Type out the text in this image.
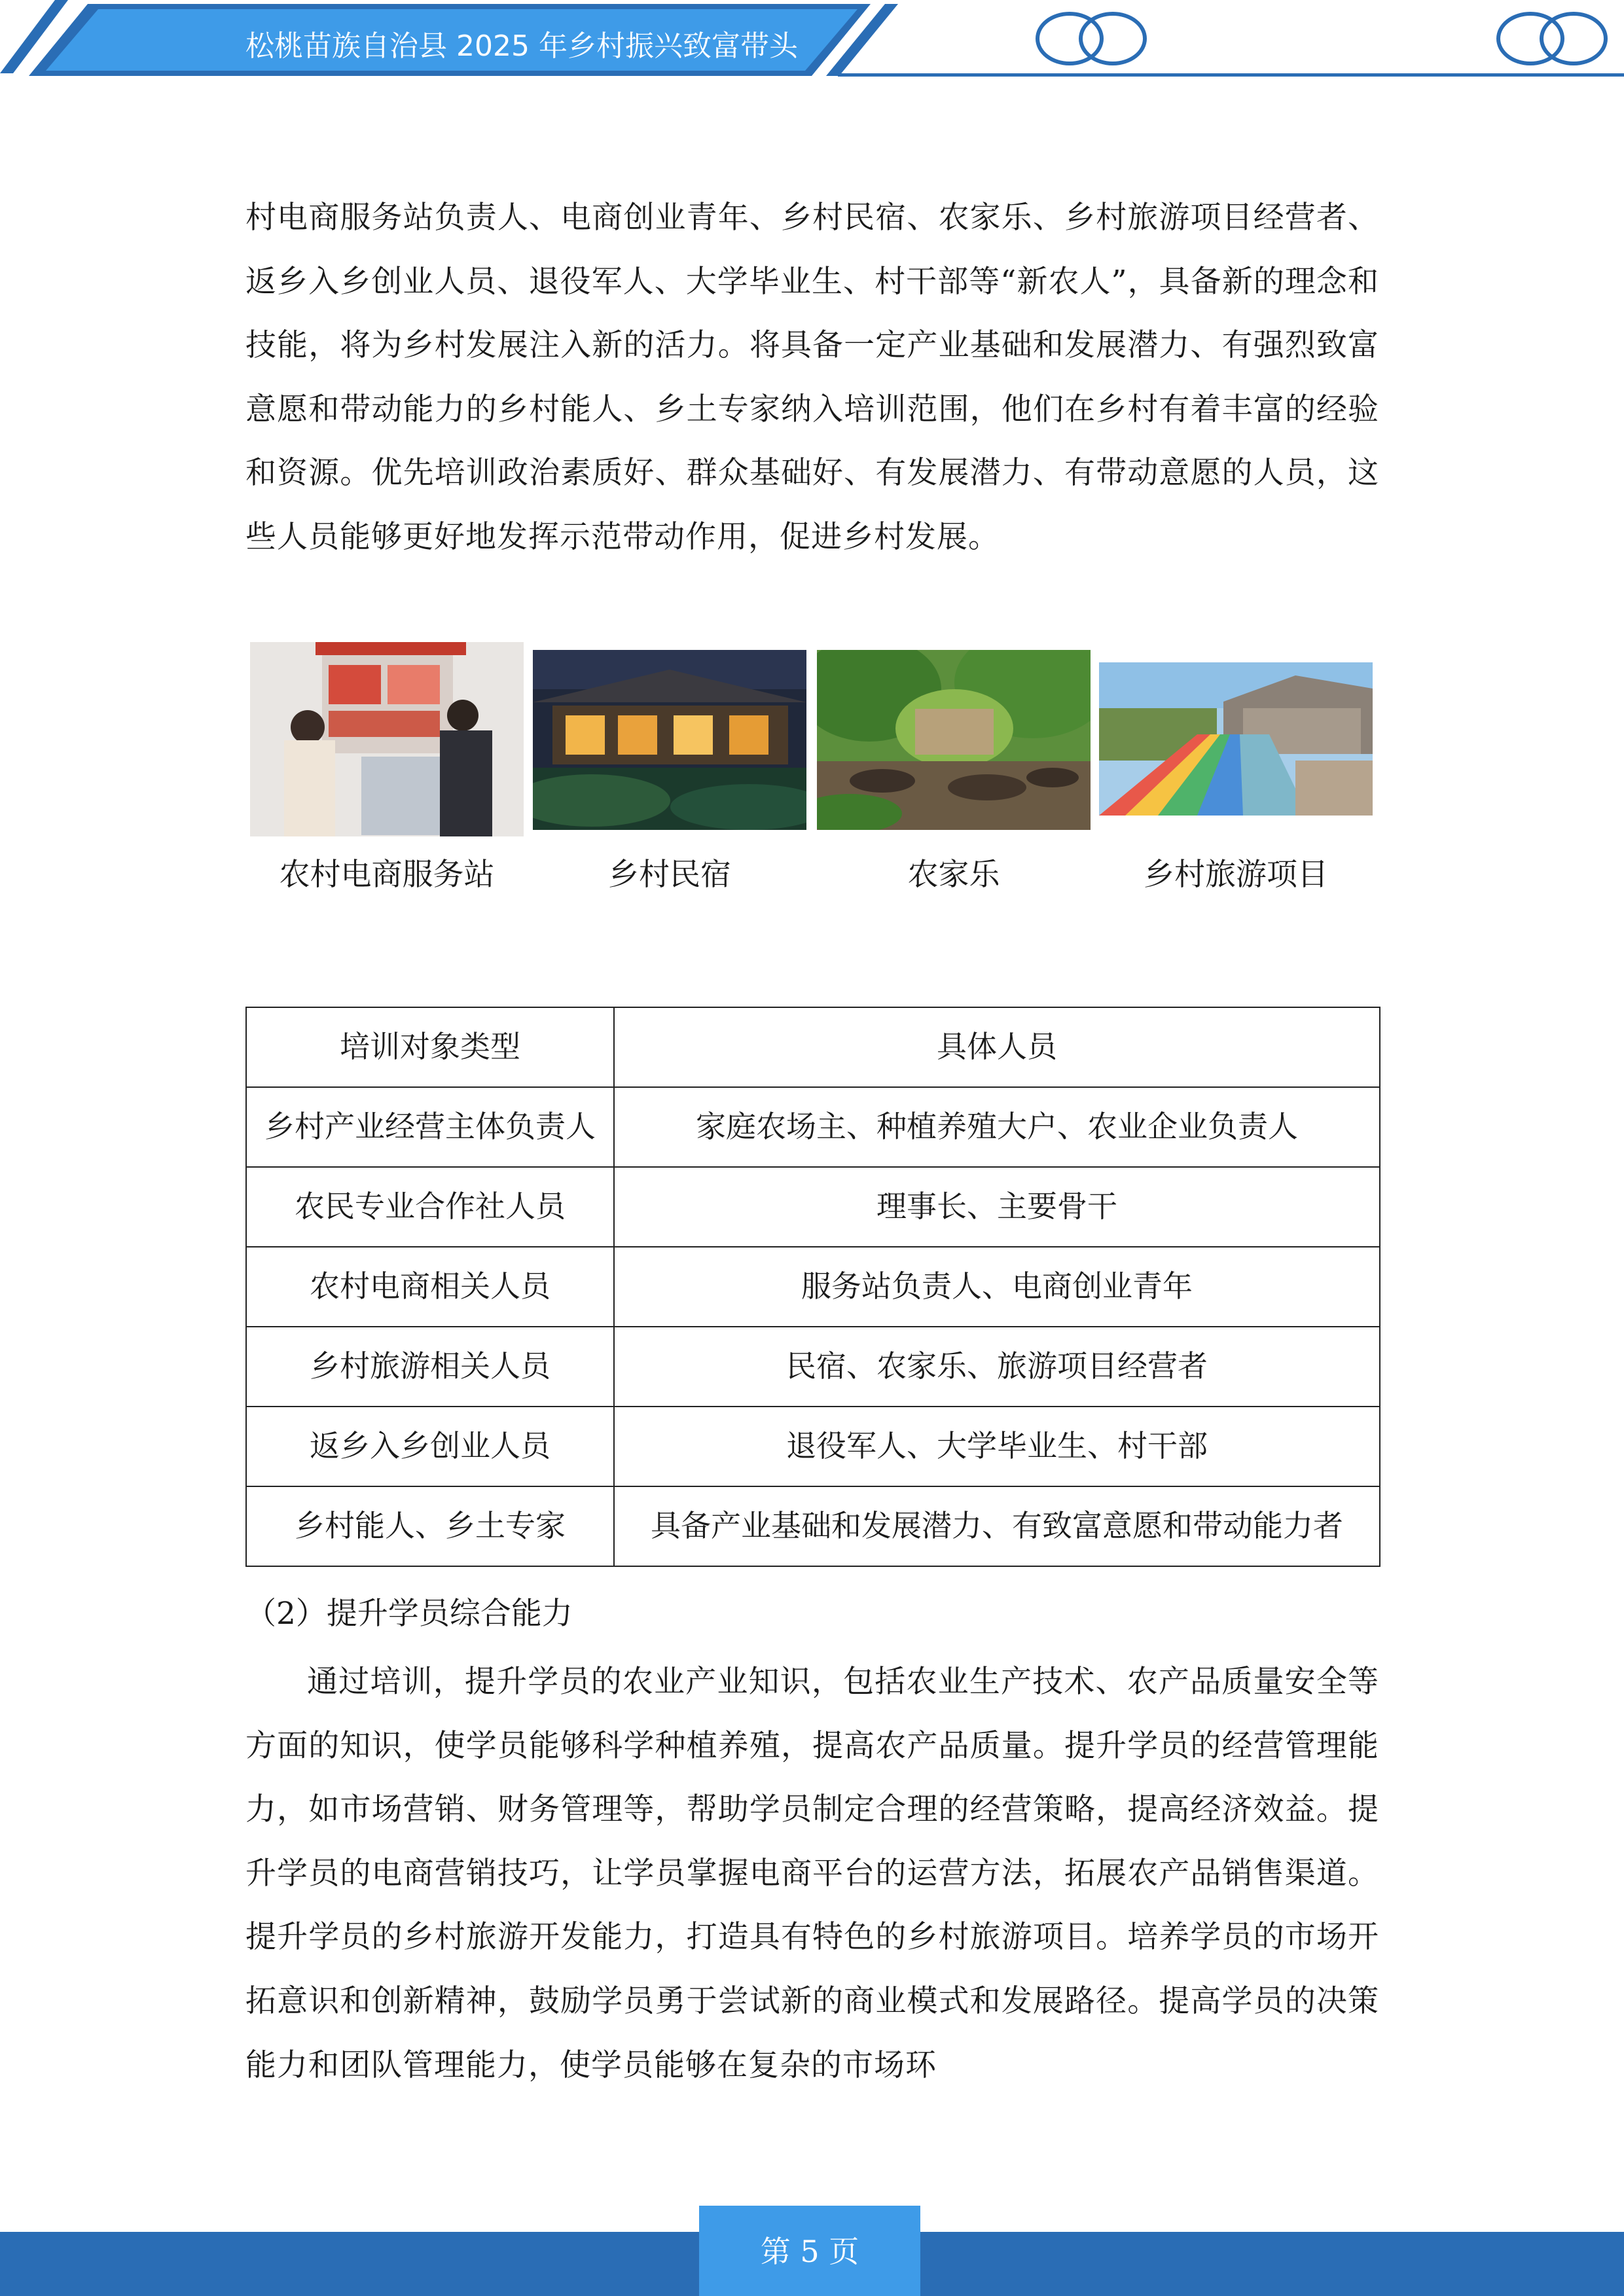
松桃苗族自治县 2025 年乡村振兴致富带头
村电商服务站负责人、电商创业青年、乡村民宿、农家乐、乡村旅游项目经营者、返乡入乡创业人员、退役军人、大学毕业生、村干部等“新农人”，具备新的理念和技能，将为乡村发展注入新的活力。将具备一定产业基础和发展潜力、有强烈致富意愿和带动能力的乡村能人、乡土专家纳入培训范围，他们在乡村有着丰富的经验和资源。优先培训政治素质好、群众基础好、有发展潜力、有带动意愿的人员，这些人员能够更好地发挥示范带动作用，促进乡村发展。
农村电商服务站	乡村民宿	农家乐	乡村旅游项目
培训对象类型	具体人员
乡村产业经营主体负责人	家庭农场主、种植养殖大户、农业企业负责人
农民专业合作社人员	理事长、主要骨干
农村电商相关人员	服务站负责人、电商创业青年
乡村旅游相关人员	民宿、农家乐、旅游项目经营者
返乡入乡创业人员	退役军人、大学毕业生、村干部
乡村能人、乡土专家	具备产业基础和发展潜力、有致富意愿和带动能力者
（2）提升学员综合能力
通过培训，提升学员的农业产业知识，包括农业生产技术、农产品质量安全等方面的知识，使学员能够科学种植养殖，提高农产品质量。提升学员的经营管理能力，如市场营销、财务管理等，帮助学员制定合理的经营策略，提高经济效益。提升学员的电商营销技巧，让学员掌握电商平台的运营方法，拓展农产品销售渠道。提升学员的乡村旅游开发能力，打造具有特色的乡村旅游项目。培养学员的市场开拓意识和创新精神，鼓励学员勇于尝试新的商业模式和发展路径。提高学员的决策能力和团队管理能力，使学员能够在复杂的市场环
第 5 页
